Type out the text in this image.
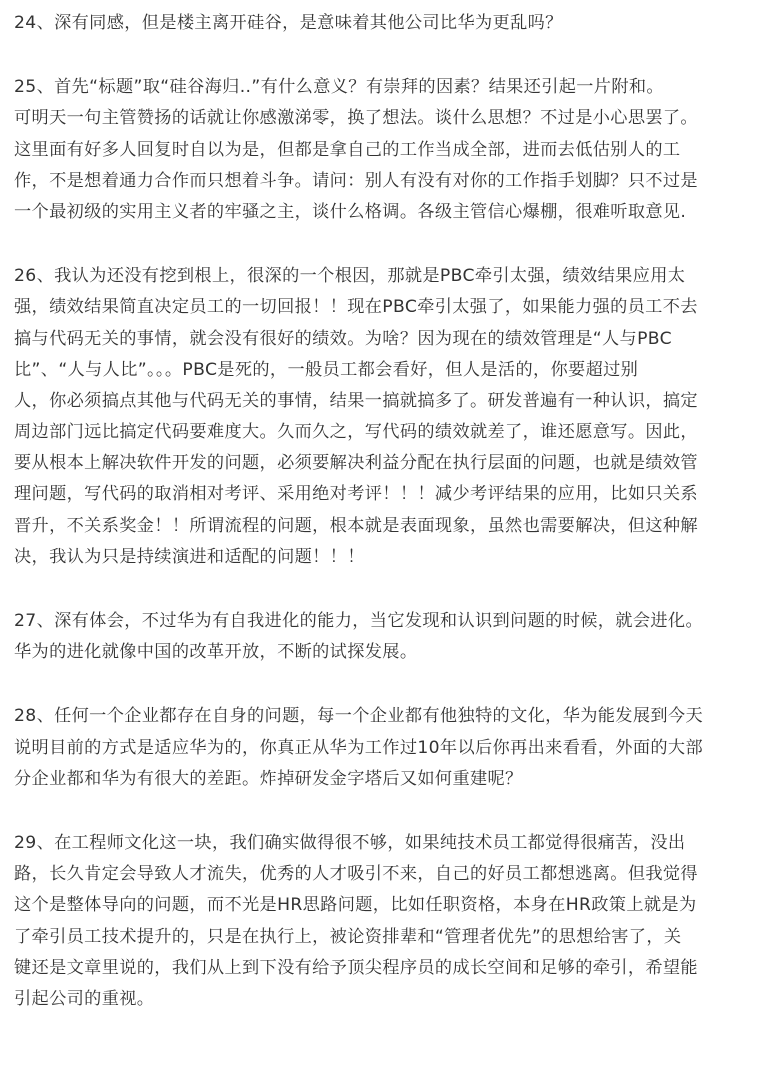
24、深有同感，但是楼主离开硅谷，是意味着其他公司比华为更乱吗？
25、首先“标题”取“硅谷海归..”有什么意义？有崇拜的因素？结果还引起一片附和。
可明天一句主管赞扬的话就让你感激涕零，换了想法。谈什么思想？不过是小心思罢了。
这里面有好多人回复时自以为是，但都是拿自己的工作当成全部，进而去低估别人的工
作，不是想着通力合作而只想着斗争。请问：别人有没有对你的工作指手划脚？只不过是
一个最初级的实用主义者的牢骚之主，谈什么格调。各级主管信心爆棚，很难听取意见.
26、我认为还没有挖到根上，很深的一个根因，那就是PBC牵引太强，绩效结果应用太
强，绩效结果简直决定员工的一切回报！！现在PBC牵引太强了，如果能力强的员工不去
搞与代码无关的事情，就会没有很好的绩效。为啥？因为现在的绩效管理是“人与PBC
比”、“人与人比”。。。PBC是死的，一般员工都会看好，但人是活的，你要超过别
人，你必须搞点其他与代码无关的事情，结果一搞就搞多了。研发普遍有一种认识，搞定
周边部门远比搞定代码要难度大。久而久之，写代码的绩效就差了，谁还愿意写。因此，
要从根本上解决软件开发的问题，必须要解决利益分配在执行层面的问题，也就是绩效管
理问题，写代码的取消相对考评、采用绝对考评！！！减少考评结果的应用，比如只关系
晋升，不关系奖金！！所谓流程的问题，根本就是表面现象，虽然也需要解决，但这种解
决，我认为只是持续演进和适配的问题！！！
27、深有体会，不过华为有自我进化的能力，当它发现和认识到问题的时候，就会进化。
华为的进化就像中国的改革开放，不断的试探发展。
28、任何一个企业都存在自身的问题，每一个企业都有他独特的文化，华为能发展到今天
说明目前的方式是适应华为的，你真正从华为工作过10年以后你再出来看看，外面的大部
分企业都和华为有很大的差距。炸掉研发金字塔后又如何重建呢？
29、在工程师文化这一块，我们确实做得很不够，如果纯技术员工都觉得很痛苦，没出
路，长久肯定会导致人才流失，优秀的人才吸引不来，自己的好员工都想逃离。但我觉得
这个是整体导向的问题，而不光是HR思路问题，比如任职资格，本身在HR政策上就是为
了牵引员工技术提升的，只是在执行上，被论资排辈和“管理者优先”的思想给害了，关
键还是文章里说的，我们从上到下没有给予顶尖程序员的成长空间和足够的牵引，希望能
引起公司的重视。
